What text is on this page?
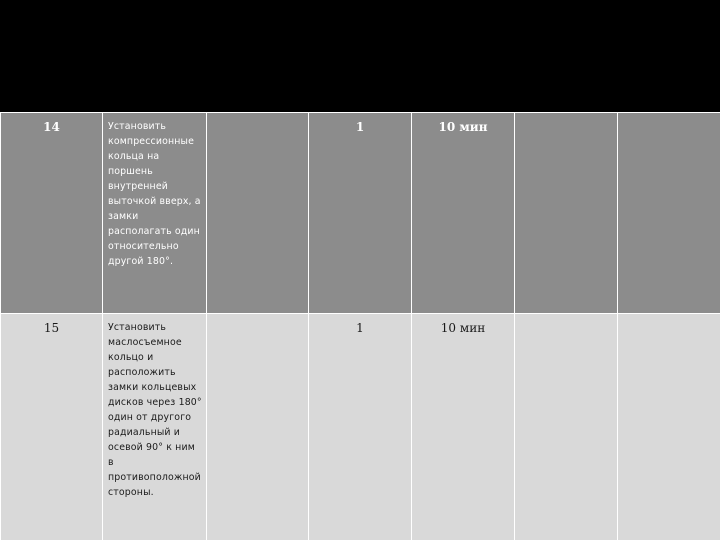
14	Установить компрессионные кольца на поршень внутренней выточкой вверх, а замки располагать один относительно другой 180°.		1	10 мин		
15	Установить маслосъемное кольцо и расположить замки кольцевых дисков через 180° один от другого радиальный и осевой 90° к ним в противоположной стороны.		1	10 мин		
